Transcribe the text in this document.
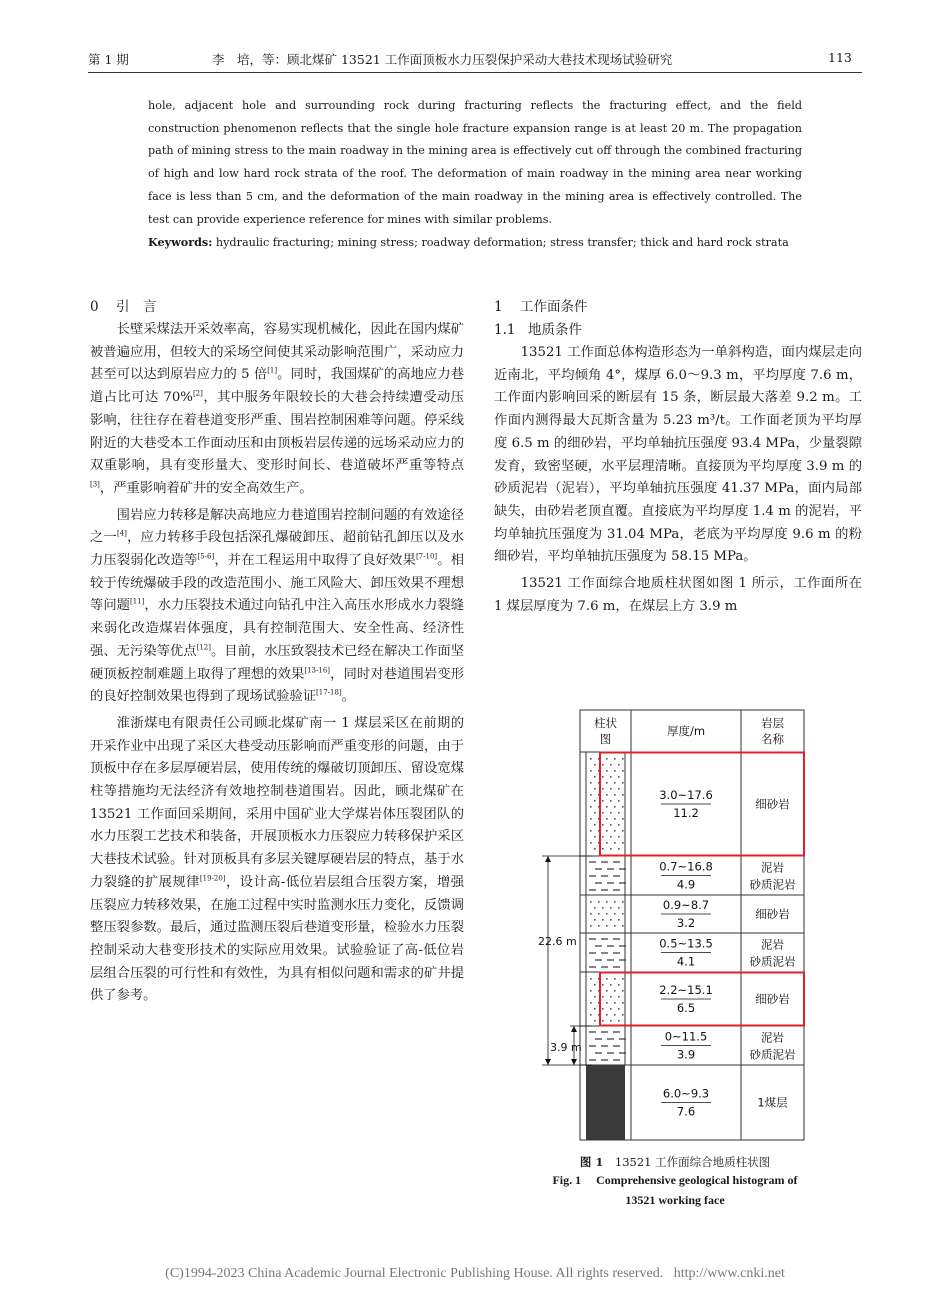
第 1 期	李　培，等：顾北煤矿 13521 工作面顶板水力压裂保护采动大巷技术现场试验研究	113

hole, adjacent hole and surrounding rock during fracturing reflects the fracturing effect, and the field construction phenomenon reflects that the single hole fracture expansion range is at least 20 m. The propagation path of mining stress to the main roadway in the mining area is effectively cut off through the combined fracturing of high and low hard rock strata of the roof. The deformation of main roadway in the mining area near working face is less than 5 cm, and the deformation of the main roadway in the mining area is effectively controlled. The test can provide experience reference for mines with similar problems.

Keywords: hydraulic fracturing; mining stress; roadway deformation; stress transfer; thick and hard rock strata

0 引　言

长壁采煤法开采效率高，容易实现机械化，因此在国内煤矿被普遍应用，但较大的采场空间使其采动影响范围广，采动应力甚至可以达到原岩应力的 5 倍[1]。同时，我国煤矿的高地应力巷道占比可达 70%[2]，其中服务年限较长的大巷会持续遭受动压影响，往往存在着巷道变形严重、围岩控制困难等问题。停采线附近的大巷受本工作面动压和由顶板岩层传递的远场采动应力的双重影响，具有变形量大、变形时间长、巷道破坏严重等特点[3]，严重影响着矿井的安全高效生产。

围岩应力转移是解决高地应力巷道围岩控制问题的有效途径之一[4]，应力转移手段包括深孔爆破卸压、超前钻孔卸压以及水力压裂弱化改造等[5-6]，并在工程运用中取得了良好效果[7-10]。相较于传统爆破手段的改造范围小、施工风险大、卸压效果不理想等问题[11]，水力压裂技术通过向钻孔中注入高压水形成水力裂缝来弱化改造煤岩体强度，具有控制范围大、安全性高、经济性强、无污染等优点[12]。目前，水压致裂技术已经在解决工作面坚硬顶板控制难题上取得了理想的效果[13-16]，同时对巷道围岩变形的良好控制效果也得到了现场试验验证[17-18]。

淮浙煤电有限责任公司顾北煤矿南一 1 煤层采区在前期的开采作业中出现了采区大巷受动压影响而严重变形的问题，由于顶板中存在多层厚硬岩层，使用传统的爆破切顶卸压、留设宽煤柱等措施均无法经济有效地控制巷道围岩。因此，顾北煤矿在 13521 工作面回采期间，采用中国矿业大学煤岩体压裂团队的水力压裂工艺技术和装备，开展顶板水力压裂应力转移保护采区大巷技术试验。针对顶板具有多层关键厚硬岩层的特点，基于水力裂缝的扩展规律[19-20]，设计高-低位岩层组合压裂方案，增强压裂应力转移效果，在施工过程中实时监测水压力变化，反馈调整压裂参数。最后，通过监测压裂后巷道变形量，检验水力压裂控制采动大巷变形技术的实际应用效果。试验验证了高-低位岩层组合压裂的可行性和有效性，为具有相似问题和需求的矿井提供了参考。

1 工作面条件
1.1 地质条件

13521 工作面总体构造形态为一单斜构造，面内煤层走向近南北，平均倾角 4°，煤厚 6.0～9.3 m，平均厚度 7.6 m，工作面内影响回采的断层有 15 条，断层最大落差 9.2 m。工作面内测得最大瓦斯含量为 5.23 m³/t。工作面老顶为平均厚度 6.5 m 的细砂岩，平均单轴抗压强度 93.4 MPa，少量裂隙发育，致密坚硬，水平层理清晰。直接顶为平均厚度 3.9 m 的砂质泥岩（泥岩），平均单轴抗压强度 41.37 MPa，面内局部缺失，由砂岩老顶直覆。直接底为平均厚度 1.4 m 的泥岩，平均单轴抗压强度为 31.04 MPa，老底为平均厚度 9.6 m 的粉细砂岩，平均单轴抗压强度为 58.15 MPa。

13521 工作面综合地质柱状图如图 1 所示，工作面所在 1 煤层厚度为 7.6 m，在煤层上方 3.9 m

柱状
图
厚度/m
岩层
名称
3.0~17.6
11.2
细砂岩
0.7~16.8
4.9
泥岩
砂质泥岩
0.9~8.7
3.2
细砂岩
0.5~13.5
4.1
泥岩
砂质泥岩
2.2~15.1
6.5
细砂岩
0~11.5
3.9
泥岩
砂质泥岩
6.0~9.3
7.6
1煤层
22.6 m
3.9 m
图 1　 13521 工作面综合地质柱状图
Fig. 1　 Comprehensive geological histogram of
13521 working face
(C)1994-2023 China Academic Journal Electronic Publishing House. All rights reserved. http://www.cnki.net
